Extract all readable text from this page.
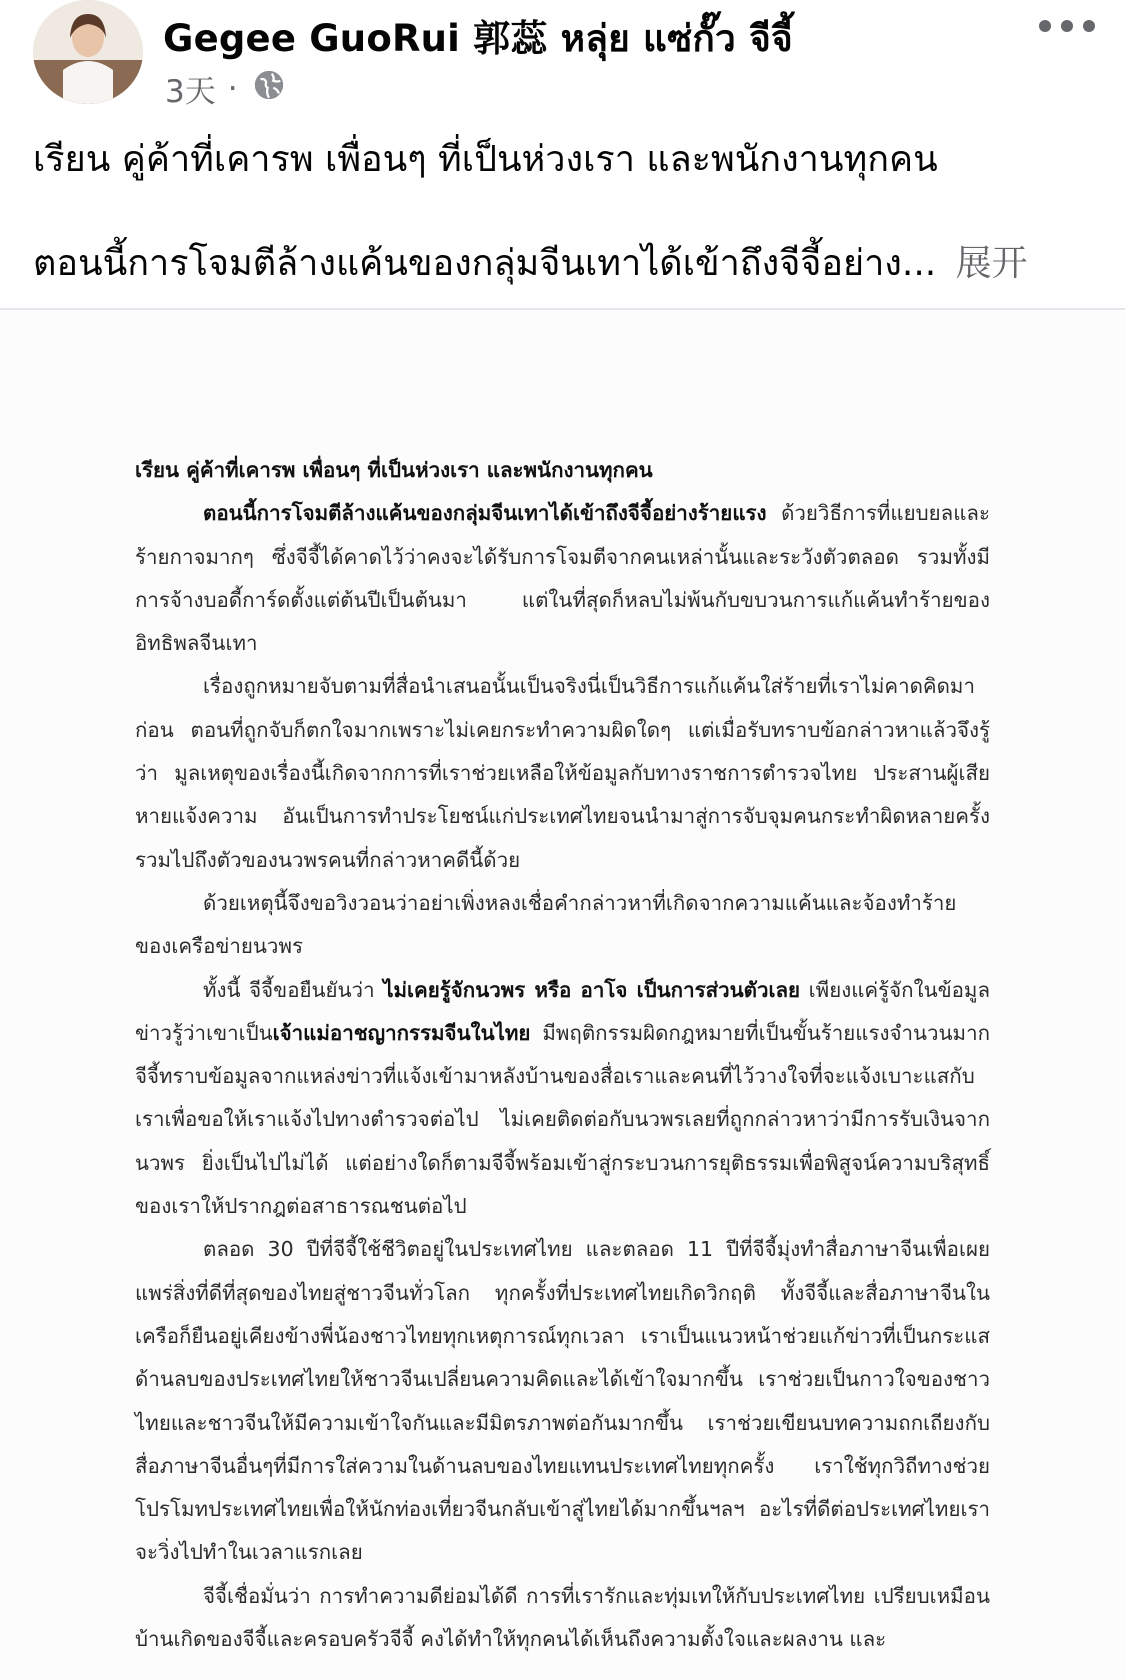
Gegee GuoRui 郭蕊 หลุ่ย แซ่กั๊ว จีจี้
3天 ·
เรียน คู่ค้าที่เคารพ เพื่อนๆ ที่เป็นห่วงเรา และพนักงานทุกคน
ตอนนี้การโจมตีล้างแค้นของกลุ่มจีนเทาได้เข้าถึงจีจี้อย่าง... 展开

เรียน คู่ค้าที่เคารพ เพื่อนๆ ที่เป็นห่วงเรา และพนักงานทุกคน

ตอนนี้การโจมตีล้างแค้นของกลุ่มจีนเทาได้เข้าถึงจีจี้อย่างร้ายแรง ด้วยวิธีการที่แยบยลและร้ายกาจมากๆ ซึ่งจีจี้ได้คาดไว้ว่าคงจะได้รับการโจมตีจากคนเหล่านั้นและระวังตัวตลอด รวมทั้งมีการจ้างบอดี้การ์ดตั้งแต่ต้นปีเป็นต้นมา แต่ในที่สุดก็หลบไม่พ้นกับขบวนการแก้แค้นทำร้ายของอิทธิพลจีนเทา

เรื่องถูกหมายจับตามที่สื่อนำเสนอนั้นเป็นจริงนี่เป็นวิธีการแก้แค้นใส่ร้ายที่เราไม่คาดคิดมาก่อน ตอนที่ถูกจับก็ตกใจมากเพราะไม่เคยกระทำความผิดใดๆ แต่เมื่อรับทราบข้อกล่าวหาแล้วจึงรู้ว่า มูลเหตุของเรื่องนี้เกิดจากการที่เราช่วยเหลือให้ข้อมูลกับทางราชการตำรวจไทย ประสานผู้เสียหายแจ้งความ อันเป็นการทำประโยชน์แก่ประเทศไทยจนนำมาสู่การจับจุมคนกระทำผิดหลายครั้ง รวมไปถึงตัวของนวพรคนที่กล่าวหาคดีนี้ด้วย

ด้วยเหตุนี้จึงขอวิงวอนว่าอย่าเพิ่งหลงเชื่อคำกล่าวหาที่เกิดจากความแค้นและจ้องทำร้ายของเครือข่ายนวพร

ทั้งนี้ จีจี้ขอยืนยันว่า ไม่เคยรู้จักนวพร หรือ อาโจ เป็นการส่วนตัวเลย เพียงแค่รู้จักในข้อมูลข่าวรู้ว่าเขาเป็นเจ้าแม่อาชญากรรมจีนในไทย มีพฤติกรรมผิดกฎหมายที่เป็นขั้นร้ายแรงจำนวนมาก จีจี้ทราบข้อมูลจากแหล่งข่าวที่แจ้งเข้ามาหลังบ้านของสื่อเราและคนที่ไว้วางใจที่จะแจ้งเบาะแสกับเราเพื่อขอให้เราแจ้งไปทางตำรวจต่อไป ไม่เคยติดต่อกับนวพรเลยที่ถูกกล่าวหาว่ามีการรับเงินจาก นวพร ยิ่งเป็นไปไม่ได้ แต่อย่างใดก็ตามจีจี้พร้อมเข้าสู่กระบวนการยุติธรรมเพื่อพิสูจน์ความบริสุทธิ์ของเราให้ปรากฎต่อสาธารณชนต่อไป

ตลอด 30 ปีที่จีจี้ใช้ชีวิตอยู่ในประเทศไทย และตลอด 11 ปีที่จีจี้มุ่งทำสื่อภาษาจีนเพื่อเผยแพร่สิ่งที่ดีที่สุดของไทยสู่ชาวจีนทั่วโลก ทุกครั้งที่ประเทศไทยเกิดวิกฤติ ทั้งจีจี้และสื่อภาษาจีนในเครือก็ยืนอยู่เคียงข้างพี่น้องชาวไทยทุกเหตุการณ์ทุกเวลา เราเป็นแนวหน้าช่วยแก้ข่าวที่เป็นกระแสด้านลบของประเทศไทยให้ชาวจีนเปลี่ยนความคิดและได้เข้าใจมากขึ้น เราช่วยเป็นกาวใจของชาวไทยและชาวจีนให้มีความเข้าใจกันและมีมิตรภาพต่อกันมากขึ้น เราช่วยเขียนบทความถกเถียงกับสื่อภาษาจีนอื่นๆที่มีการใส่ความในด้านลบของไทยแทนประเทศไทยทุกครั้ง เราใช้ทุกวิถีทางช่วยโปรโมทประเทศไทยเพื่อให้นักท่องเที่ยวจีนกลับเข้าสู่ไทยได้มากขึ้นฯลฯ อะไรที่ดีต่อประเทศไทยเราจะวิ่งไปทำในเวลาแรกเลย

จีจี้เชื่อมั่นว่า การทำความดีย่อมได้ดี การที่เรารักและทุ่มเทให้กับประเทศไทย เปรียบเหมือนบ้านเกิดของจีจี้และครอบครัวจีจี้ คงได้ทำให้ทุกคนได้เห็นถึงความตั้งใจและผลงาน และ
